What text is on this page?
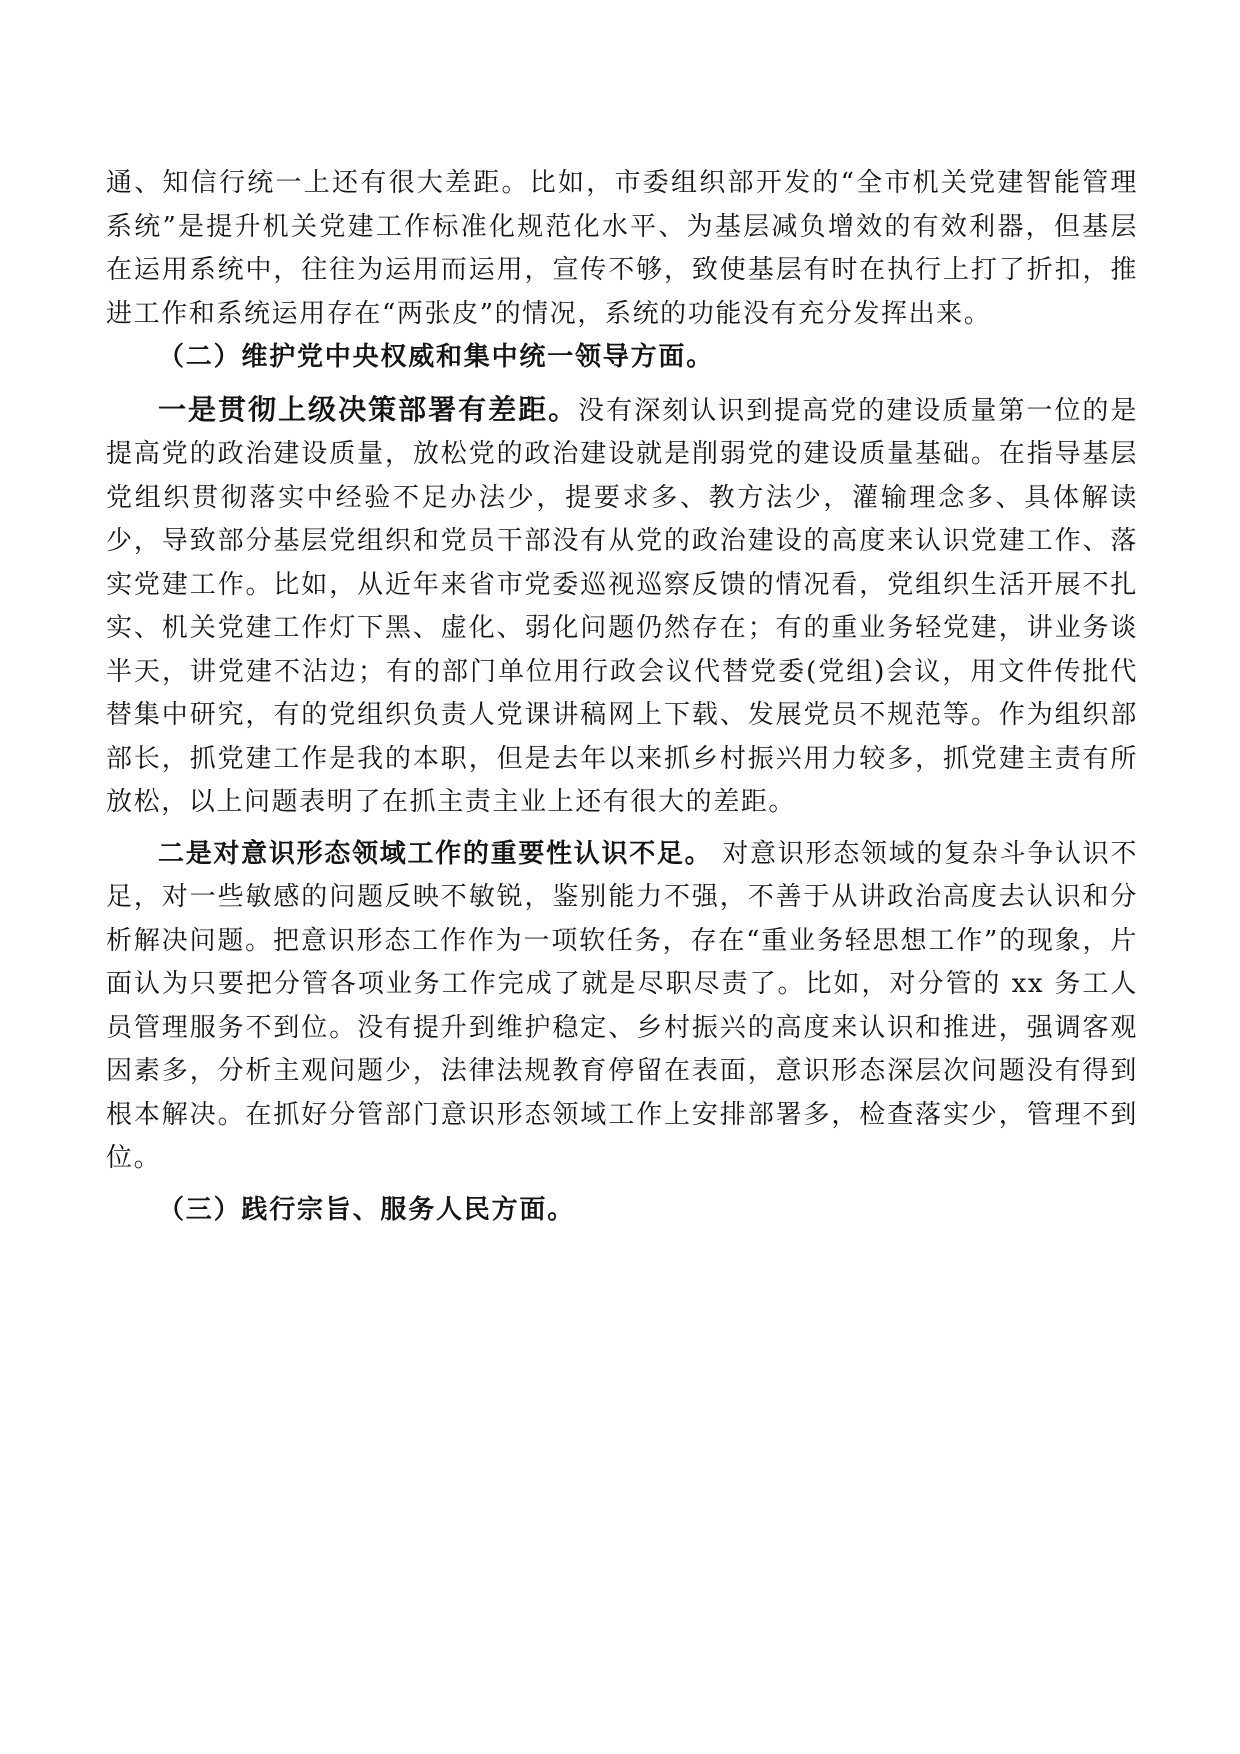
通、知信行统一上还有很大差距。比如，市委组织部开发的“全市机关党建智能管理系统”是提升机关党建工作标准化规范化水平、为基层减负增效的有效利器，但基层在运用系统中，往往为运用而运用，宣传不够，致使基层有时在执行上打了折扣，推进工作和系统运用存在“两张皮”的情况，系统的功能没有充分发挥出来。

（二）维护党中央权威和集中统一领导方面。

一是贯彻上级决策部署有差距。没有深刻认识到提高党的建设质量第一位的是提高党的政治建设质量，放松党的政治建设就是削弱党的建设质量基础。在指导基层党组织贯彻落实中经验不足办法少，提要求多、教方法少，灌输理念多、具体解读少，导致部分基层党组织和党员干部没有从党的政治建设的高度来认识党建工作、落实党建工作。比如，从近年来省市党委巡视巡察反馈的情况看，党组织生活开展不扎实、机关党建工作灯下黑、虚化、弱化问题仍然存在；有的重业务轻党建，讲业务谈半天，讲党建不沾边；有的部门单位用行政会议代替党委(党组)会议，用文件传批代替集中研究，有的党组织负责人党课讲稿网上下载、发展党员不规范等。作为组织部部长，抓党建工作是我的本职，但是去年以来抓乡村振兴用力较多，抓党建主责有所放松，以上问题表明了在抓主责主业上还有很大的差距。

二是对意识形态领域工作的重要性认识不足。 对意识形态领域的复杂斗争认识不足，对一些敏感的问题反映不敏锐，鉴别能力不强，不善于从讲政治高度去认识和分析解决问题。把意识形态工作作为一项软任务，存在“重业务轻思想工作”的现象，片面认为只要把分管各项业务工作完成了就是尽职尽责了。比如，对分管的 xx 务工人员管理服务不到位。没有提升到维护稳定、乡村振兴的高度来认识和推进，强调客观因素多，分析主观问题少，法律法规教育停留在表面，意识形态深层次问题没有得到根本解决。在抓好分管部门意识形态领域工作上安排部署多，检查落实少，管理不到位。

（三）践行宗旨、服务人民方面。
